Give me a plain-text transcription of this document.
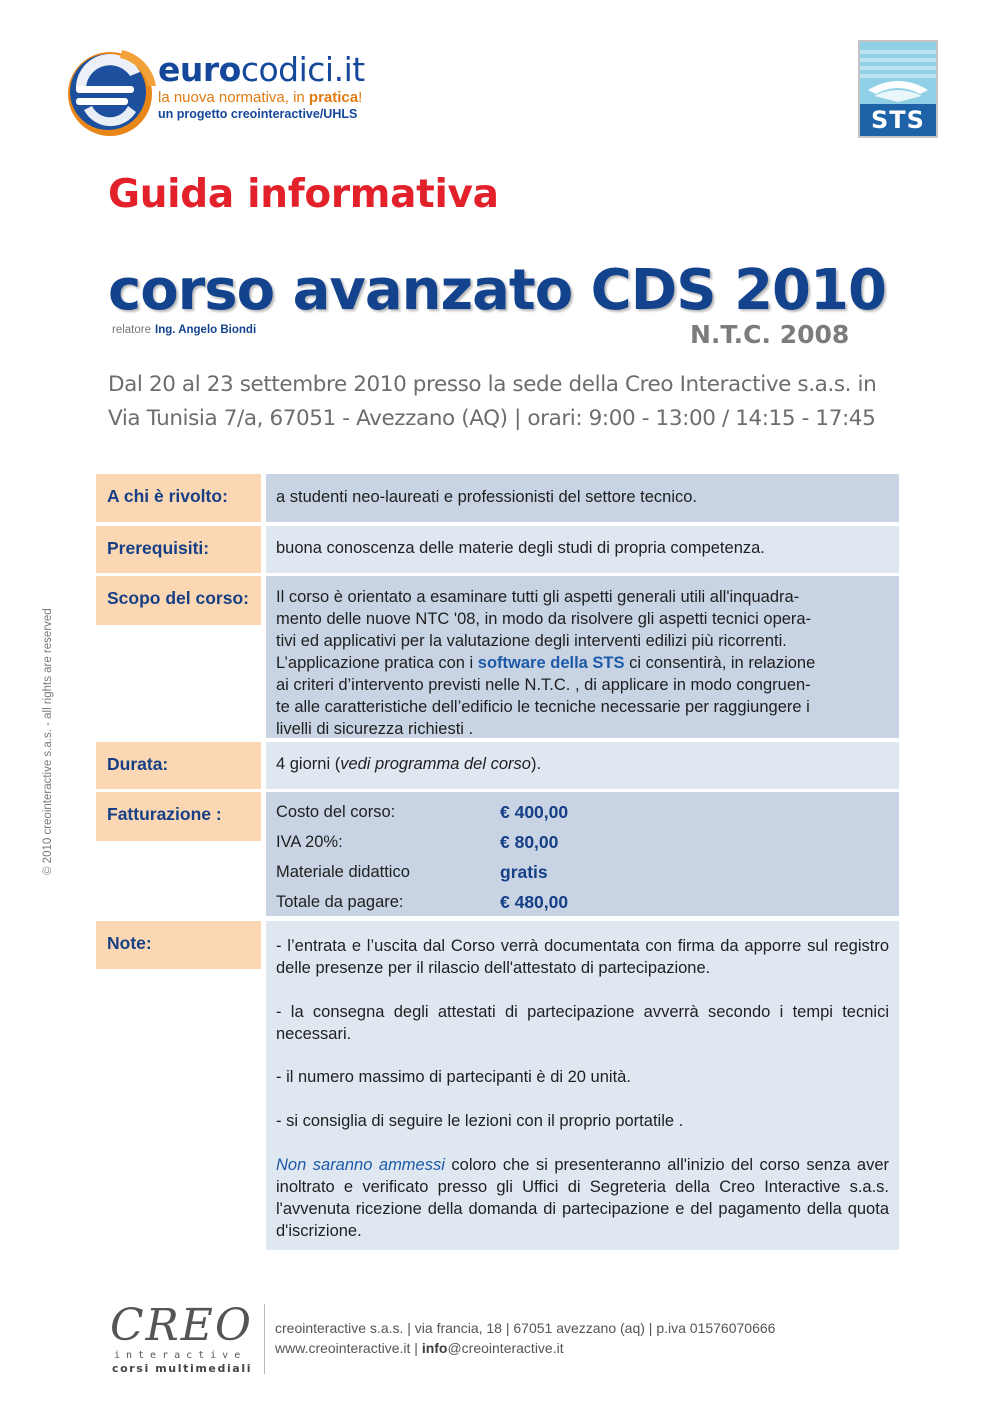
eurocodici.it
la nuova normativa, in pratica!
un progetto creointeractive/UHLS	STS
Guida informativa
corso avanzato CDS 2010
relatore Ing. Angelo Biondi	N.T.C. 2008
Dal 20 al 23 settembre 2010 presso la sede della Creo Interactive s.a.s. in
Via Tunisia 7/a, 67051 - Avezzano (AQ) | orari: 9:00 - 13:00 / 14:15 - 17:45
A chi è rivolto:	a studenti neo-laureati e professionisti del settore tecnico.
Prerequisiti:	buona conoscenza delle materie degli studi di propria competenza.
Scopo del corso:	Il corso è orientato a esaminare tutti gli aspetti generali utili all'inquadra-
mento delle nuove NTC '08, in modo da risolvere gli aspetti tecnici opera-
tivi ed applicativi per la valutazione degli interventi edilizi più ricorrenti.
L’applicazione pratica con i software della STS ci consentirà, in relazione
ai criteri d’intervento previsti nelle N.T.C. , di applicare in modo congruen-
te alle caratteristiche dell’edificio le tecniche necessarie per raggiungere i
livelli di sicurezza richiesti .
Durata:	4 giorni (vedi programma del corso).
Fatturazione :	Costo del corso:	€ 400,00
IVA 20%:	€ 80,00
Materiale didattico	gratis
Totale da pagare:	€ 480,00
Note:	- l’entrata e l’uscita dal Corso verrà documentata con firma da apporre sul registro delle presenze per il rilascio dell'attestato di partecipazione.
- la consegna degli attestati di partecipazione avverrà secondo i tempi tecnici necessari.
- il numero massimo di partecipanti è di 20 unità.
- si consiglia di seguire le lezioni con il proprio portatile .
Non saranno ammessi coloro che si presenteranno all'inizio del corso senza aver inoltrato e verificato presso gli Uffici di Segreteria della Creo Interactive s.a.s. l'avvenuta ricezione della domanda di partecipazione e del pagamento della quota d'iscrizione.
© 2010 creointeractive s.a.s. - all rights are reserved
CREO
interactive
corsi multimediali
creointeractive s.a.s. | via francia, 18 | 67051 avezzano (aq) | p.iva 01576070666
www.creointeractive.it | info@creointeractive.it
